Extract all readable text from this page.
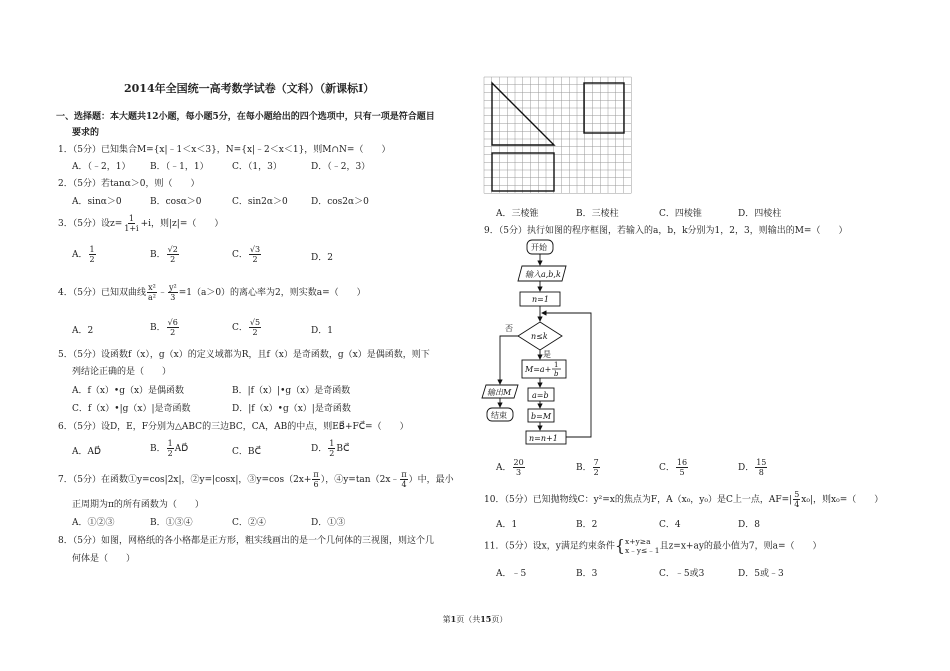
2014年全国统一高考数学试卷（文科）（新课标Ⅰ）
一、选择题：本大题共12小题，每小题5分，在每小题给出的四个选项中，只有一项是符合题目
要求的
1．（5分）已知集合M={x|﹣1＜x＜3}，N={x|﹣2＜x＜1}，则M∩N=（　　）
A．（﹣2，1） B．（﹣1，1）	C．（1，3）	D．（﹣2，3）
2．（5分）若tanα＞0，则（　　）
A．sinα＞0	B．cosα＞0	C．sin2α＞0	D．cos2α＞0
3．（5分）设$z= \frac{1}{1+i} +i$，则|z|=（　　）
A． $\frac{1}{2}$	B． $\frac{√2}{2}$	C． $\frac{√3}{2}$	D．2
4．（5分）已知双曲线 $\frac{\text{x²}}{\text{a²}}$ ﹣ $\frac{\text{y²}}{3} =1(a>0)$的离心率为2，则实数a=（　　）
A．2	B． $\frac{√6}{2}$	C． $\frac{√5}{2}$	D．1
5．（5分）设函数f（x），g（x）的定义域都为R，且f（x）是奇函数，g（x）是偶函数，则下
列结论正确的是（　　）
A．f（x）•g（x）是偶函数	B．|f（x）|•g（x）是奇函数
C．f（x）•|g（x）|是奇函数	D．|f（x）•g（x）|是奇函数
6．（5分）设D，E，F分别为△ABC的三边BC，CA，AB的中点，则EB⃗+FC⃗=（　　）
A．AD⃗	B． $\frac{1}{2}$ AD⃗	C．BC⃗	D． $\frac{1}{2}$ BC⃗
7．（5分）在函数①y=cos|2x|，②y=|cosx|，③y=cos（2x+ $\frac{\pi}{6}$ ），④y=tan（2x﹣ $\frac{\pi}{4}$ ）中，最小
正周期为π的所有函数为（　　）
A．①②③	B．①③④	C．②④	D．①③
8．（5分）如图，网格纸的各小格都是正方形，粗实线画出的是一个几何体的三视图，则这个几
何体是（　　）
A．三棱锥	B．三棱柱	C．四棱锥	D．四棱柱
9．（5分）执行如图的程序框图，若输入的a，b，k分别为1，2，3，则输出的M=（　　）
开始
输入a,b,k
n=1
n≤k
是
否
M=a+ 1
b
a=b
b=M
n=n+1
输出M
结束
A． $\frac{20}{3}$	B． $\frac{7}{2}$	C． $\frac{16}{5}$	D． $\frac{15}{8}$
10．（5分）已知抛物线C：y²=x的焦点为F，A（x₀，y₀）是C上一点，$AF=| \frac{5}{4} x_0|$，则x₀=（　　）
A．1	B．2	C．4	D．8
11．（5分）设x，y满足约束条件 { x+y≥a
x﹣y≤﹣1 且z=x+ay的最小值为7，则a=（　　）
A．﹣5	B．3	C．﹣5或3	D．5或﹣3
第1页（共15页）
